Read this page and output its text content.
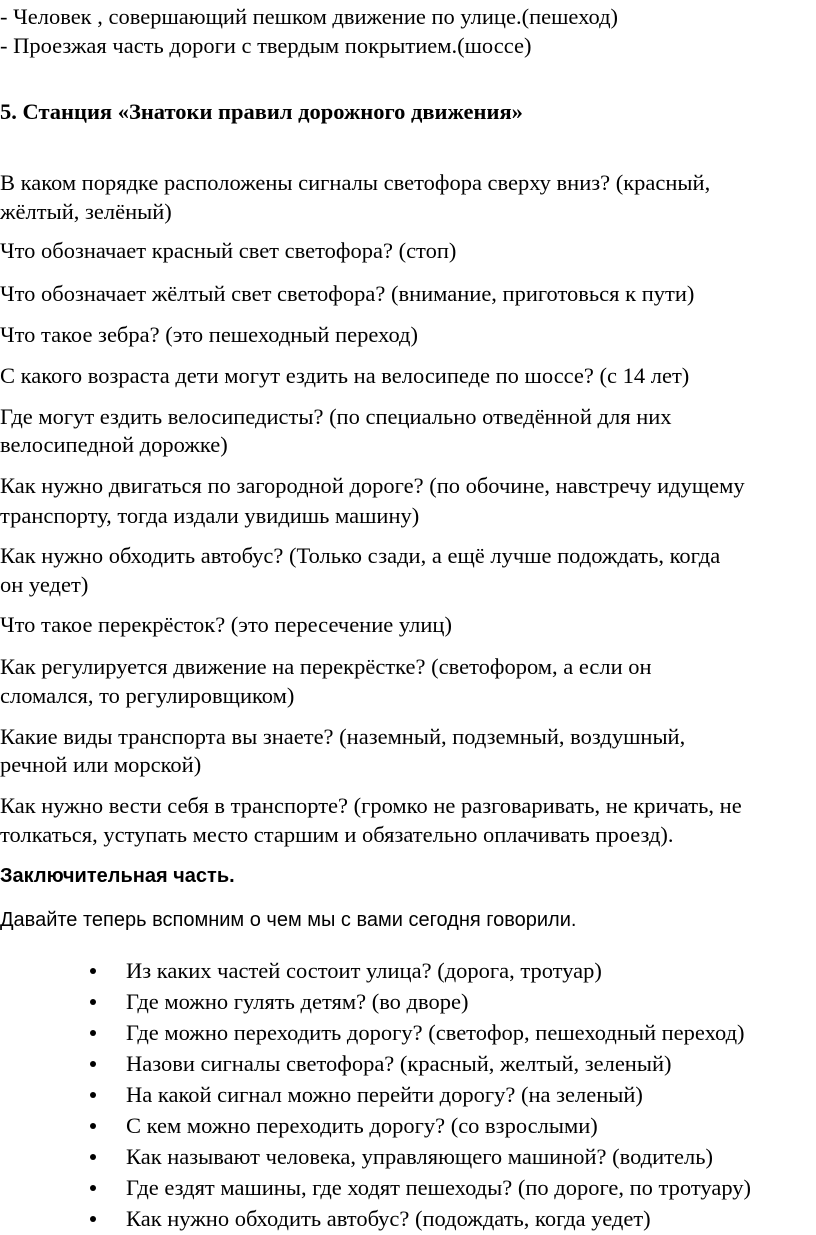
- Человек , совершающий пешком движение по улице.(пешеход)

- Проезжая часть дороги с твердым покрытием.(шоссе)

5. Станция «Знатоки правил дорожного движения»

В каком порядке расположены сигналы светофора сверху вниз? (красный,

жёлтый, зелёный)

Что обозначает красный свет светофора? (стоп)

Что обозначает жёлтый свет светофора? (внимание, приготовься к пути)

Что такое зебра? (это пешеходный переход)

С какого возраста дети могут ездить на велосипеде по шоссе? (с 14 лет)

Где могут ездить велосипедисты? (по специально отведённой для них

велосипедной дорожке)

Как нужно двигаться по загородной дороге? (по обочине, навстречу идущему

транспорту, тогда издали увидишь машину)

Как нужно обходить автобус? (Только сзади, а ещё лучше подождать, когда

он уедет)

Что такое перекрёсток? (это пересечение улиц)

Как регулируется движение на перекрёстке? (светофором, а если он

сломался, то регулировщиком)

Какие виды транспорта вы знаете? (наземный, подземный, воздушный,

речной или морской)

Как нужно вести себя в транспорте? (громко не разговаривать, не кричать, не

толкаться, уступать место старшим и обязательно оплачивать проезд).

Заключительная часть.

Давайте теперь вспомним о чем мы с вами сегодня говорили.

Из каких частей состоит улица? (дорога, тротуар)
Где можно гулять детям? (во дворе)
Где можно переходить дорогу? (светофор, пешеходный переход)
Назови сигналы светофора? (красный, желтый, зеленый)
На какой сигнал можно перейти дорогу? (на зеленый)
С кем можно переходить дорогу? (со взрослыми)
Как называют человека, управляющего машиной? (водитель)
Где ездят машины, где ходят пешеходы? (по дороге, по тротуару)
Как нужно обходить автобус? (подождать, когда уедет)
